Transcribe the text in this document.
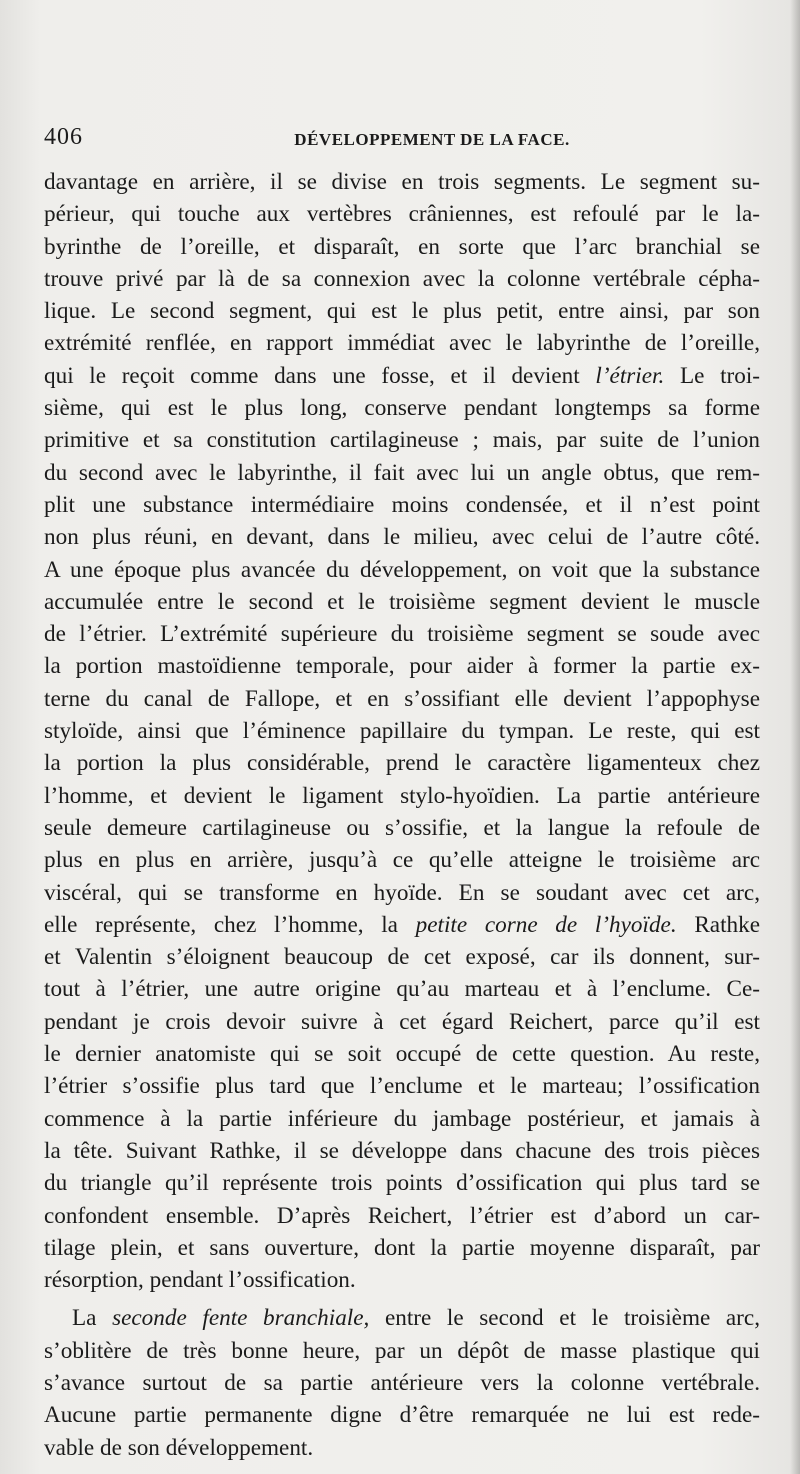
406	DÉVELOPPEMENT DE LA FACE.
davantage en arrière, il se divise en trois segments. Le segment su-
périeur, qui touche aux vertèbres crâniennes, est refoulé par le la-
byrinthe de l’oreille, et disparaît, en sorte que l’arc branchial se
trouve privé par là de sa connexion avec la colonne vertébrale cépha-
lique. Le second segment, qui est le plus petit, entre ainsi, par son
extrémité renflée, en rapport immédiat avec le labyrinthe de l’oreille,
qui le reçoit comme dans une fosse, et il devient l’étrier. Le troi-
sième, qui est le plus long, conserve pendant longtemps sa forme
primitive et sa constitution cartilagineuse ; mais, par suite de l’union
du second avec le labyrinthe, il fait avec lui un angle obtus, que rem-
plit une substance intermédiaire moins condensée, et il n’est point
non plus réuni, en devant, dans le milieu, avec celui de l’autre côté.
A une époque plus avancée du développement, on voit que la substance
accumulée entre le second et le troisième segment devient le muscle
de l’étrier. L’extrémité supérieure du troisième segment se soude avec
la portion mastoïdienne temporale, pour aider à former la partie ex-
terne du canal de Fallope, et en s’ossifiant elle devient l’appophyse
styloïde, ainsi que l’éminence papillaire du tympan. Le reste, qui est
la portion la plus considérable, prend le caractère ligamenteux chez
l’homme, et devient le ligament stylo-hyoïdien. La partie antérieure
seule demeure cartilagineuse ou s’ossifie, et la langue la refoule de
plus en plus en arrière, jusqu’à ce qu’elle atteigne le troisième arc
viscéral, qui se transforme en hyoïde. En se soudant avec cet arc,
elle représente, chez l’homme, la petite corne de l’hyoïde. Rathke
et Valentin s’éloignent beaucoup de cet exposé, car ils donnent, sur-
tout à l’étrier, une autre origine qu’au marteau et à l’enclume. Ce-
pendant je crois devoir suivre à cet égard Reichert, parce qu’il est
le dernier anatomiste qui se soit occupé de cette question. Au reste,
l’étrier s’ossifie plus tard que l’enclume et le marteau; l’ossification
commence à la partie inférieure du jambage postérieur, et jamais à
la tête. Suivant Rathke, il se développe dans chacune des trois pièces
du triangle qu’il représente trois points d’ossification qui plus tard se
confondent ensemble. D’après Reichert, l’étrier est d’abord un car-
tilage plein, et sans ouverture, dont la partie moyenne disparaît, par
résorption, pendant l’ossification.
La seconde fente branchiale, entre le second et le troisième arc,
s’oblitère de très bonne heure, par un dépôt de masse plastique qui
s’avance surtout de sa partie antérieure vers la colonne vertébrale.
Aucune partie permanente digne d’être remarquée ne lui est rede-
vable de son développement.
